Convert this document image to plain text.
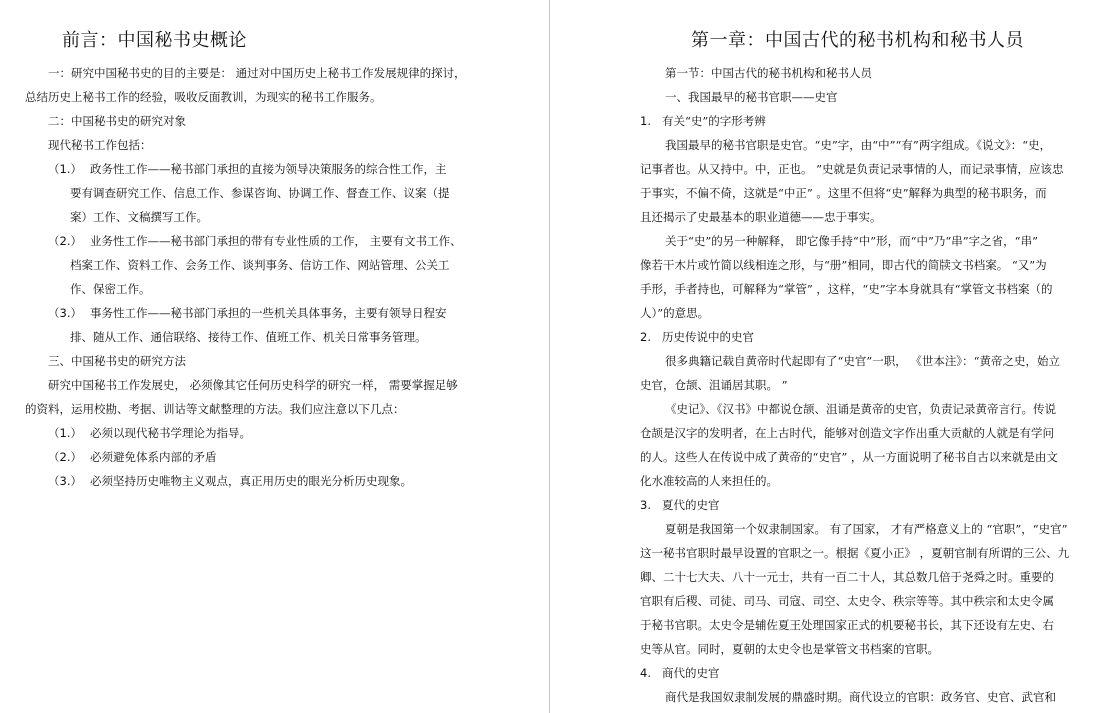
前言：中国秘书史概论
一：研究中国秘书史的目的主要是： 通过对中国历史上秘书工作发展规律的探讨，
总结历史上秘书工作的经验，吸收反面教训，为现实的秘书工作服务。
二：中国秘书史的研究对象
现代秘书工作包括：
（1.） 政务性工作——秘书部门承担的直接为领导决策服务的综合性工作，主
要有调查研究工作、信息工作、参谋咨询、协调工作、督查工作、议案（提
案）工作、文稿撰写工作。
（2.） 业务性工作——秘书部门承担的带有专业性质的工作， 主要有文书工作、
档案工作、资料工作、会务工作、谈判事务、信访工作、网站管理、公关工
作、保密工作。
（3.） 事务性工作——秘书部门承担的一些机关具体事务，主要有领导日程安
排、随从工作、通信联络、接待工作、值班工作、机关日常事务管理。
三、中国秘书史的研究方法
研究中国秘书工作发展史， 必须像其它任何历史科学的研究一样， 需要掌握足够
的资料，运用校勘、考据、训诂等文献整理的方法。我们应注意以下几点：
（1.） 必须以现代秘书学理论为指导。
（2.） 必须避免体系内部的矛盾
（3.） 必须坚持历史唯物主义观点，真正用历史的眼光分析历史现象。
第一章：中国古代的秘书机构和秘书人员
第一节：中国古代的秘书机构和秘书人员
一、我国最早的秘书官职——史官
1. 有关“史”的字形考辨
我国最早的秘书官职是史官。“史”字，由“中”“有”两字组成。《说文》：“史，
记事者也。从又持中。中，正也。 ”史就是负责记录事情的人，而记录事情，应该忠
于事实，不偏不倚，这就是“中正” 。这里不但将“史”解释为典型的秘书职务，而
且还揭示了史最基本的职业道德——忠于事实。
关于“史”的另一种解释， 即它像手持“中”形，而“中”乃“串”字之省，“串”
像若干木片或竹简以线相连之形，与“册”相同，即古代的简牍文书档案。 “又”为
手形，手者持也，可解释为“掌管” ，这样，“史”字本身就具有“掌管文书档案（的
人）”的意思。
2. 历史传说中的史官
很多典籍记载自黄帝时代起即有了“史官”一职， 《世本注》：“黄帝之史，始立
史官，仓颉、沮诵居其职。 ”
《史记》、《汉书》中都说仓颉、沮诵是黄帝的史官，负责记录黄帝言行。传说
仓颉是汉字的发明者，在上古时代，能够对创造文字作出重大贡献的人就是有学问
的人。这些人在传说中成了黄帝的“史官” ，从一方面说明了秘书自古以来就是由文
化水准较高的人来担任的。
3. 夏代的史官
夏朝是我国第一个奴隶制国家。 有了国家， 才有严格意义上的 “官职”，“史官”
这一秘书官职时最早设置的官职之一。根据《夏小正》 ，夏朝官制有所谓的三公、九
卿、二十七大夫、八十一元士，共有一百二十人，其总数几倍于尧舜之时。重要的
官职有后稷、司徒、司马、司寇、司空、太史令、秩宗等等。其中秩宗和太史令属
于秘书官职。太史令是辅佐夏王处理国家正式的机要秘书长，其下还设有左史、右
史等从官。同时，夏朝的太史令也是掌管文书档案的官职。
4. 商代的史官
商代是我国奴隶制发展的鼎盛时期。商代设立的官职：政务官、史官、武官和
